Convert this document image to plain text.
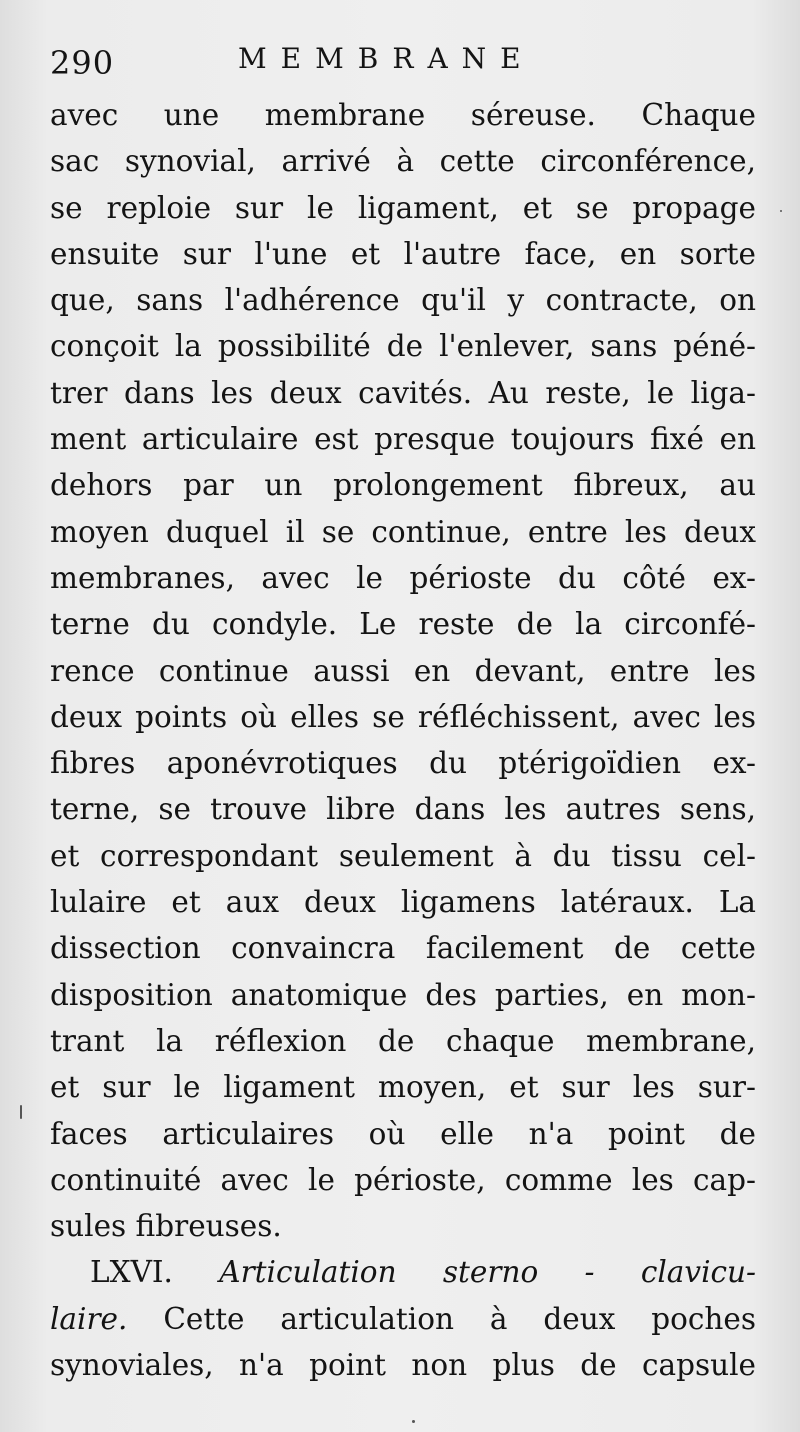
290	MEMBRANE
avec une membrane séreuse. Chaque
sac synovial, arrivé à cette circonférence,
se reploie sur le ligament, et se propage
ensuite sur l'une et l'autre face, en sorte
que, sans l'adhérence qu'il y contracte, on
conçoit la possibilité de l'enlever, sans péné-
trer dans les deux cavités. Au reste, le liga-
ment articulaire est presque toujours fixé en
dehors par un prolongement fibreux, au
moyen duquel il se continue, entre les deux
membranes, avec le périoste du côté ex-
terne du condyle. Le reste de la circonfé-
rence continue aussi en devant, entre les
deux points où elles se réfléchissent, avec les
fibres aponévrotiques du ptérigoïdien ex-
terne, se trouve libre dans les autres sens,
et correspondant seulement à du tissu cel-
lulaire et aux deux ligamens latéraux. La
dissection convaincra facilement de cette
disposition anatomique des parties, en mon-
trant la réflexion de chaque membrane,
et sur le ligament moyen, et sur les sur-
faces articulaires où elle n'a point de
continuité avec le périoste, comme les cap-
sules fibreuses.
LXVI. Articulation sterno - clavicu-
laire. Cette articulation à deux poches
synoviales, n'a point non plus de capsule
